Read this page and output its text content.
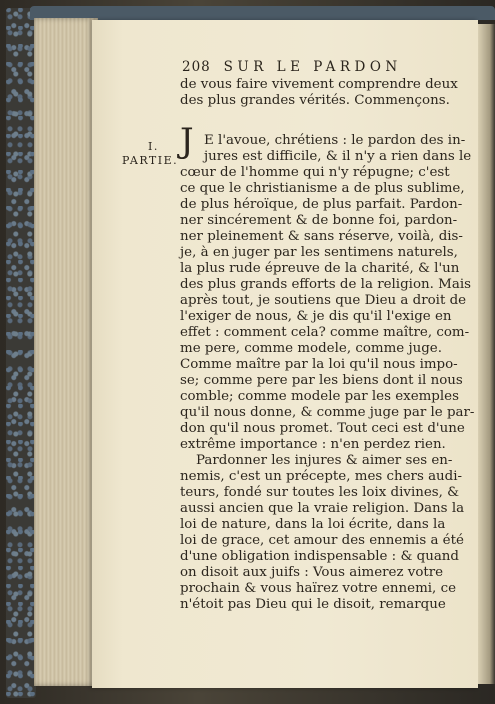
208 SUR LE PARDON
I.
PARTIE. J
de vous faire vivement comprendre deux
des plus grandes vérités. Commençons.
E l'avoue, chrétiens : le pardon des in-
jures est difficile, & il n'y a rien dans le
cœur de l'homme qui n'y répugne; c'est
ce que le christianisme a de plus sublime,
de plus héroïque, de plus parfait. Pardon-
ner sincérement & de bonne foi, pardon-
ner pleinement & sans réserve, voilà, dis-
je, à en juger par les sentimens naturels,
la plus rude épreuve de la charité, & l'un
des plus grands efforts de la religion. Mais
après tout, je soutiens que Dieu a droit de
l'exiger de nous, & je dis qu'il l'exige en
effet : comment cela? comme maître, com-
me pere, comme modele, comme juge.
Comme maître par la loi qu'il nous impo-
se; comme pere par les biens dont il nous
comble; comme modele par les exemples
qu'il nous donne, & comme juge par le par-
don qu'il nous promet. Tout ceci est d'une
extrême importance : n'en perdez rien.
Pardonner les injures & aimer ses en-
nemis, c'est un précepte, mes chers audi-
teurs, fondé sur toutes les loix divines, &
aussi ancien que la vraie religion. Dans la
loi de nature, dans la loi écrite, dans la
loi de grace, cet amour des ennemis a été
d'une obligation indispensable : & quand
on disoit aux juifs : Vous aimerez votre
prochain & vous haïrez votre ennemi, ce
n'étoit pas Dieu qui le disoit, remarque
